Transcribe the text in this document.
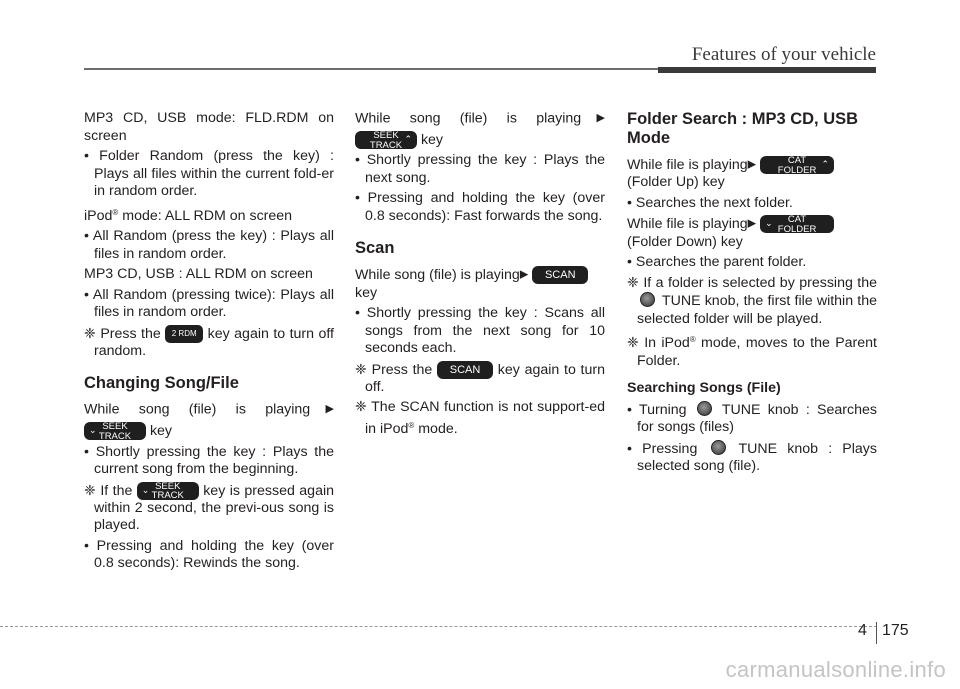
Features of your vehicle

MP3 CD, USB mode: FLD.RDM on screen

• Folder Random (press the key) : Plays all files within the current fold-er in random order.

iPod® mode: ALL RDM on screen

• All Random (press the key) : Plays all files in random order.

MP3 CD, USB : ALL RDM on screen

• All Random (pressing twice): Plays all files in random order.

❈ Press the 2 RDM key again to turn off random.

Changing Song/File

While song (file) is playing▶

⌄ SEEK
TRACK	key

• Shortly pressing the key : Plays the current song from the beginning.

❈ If the ⌄ SEEK
TRACK	key is pressed again within 2 second, the previ-ous song is played.

• Pressing and holding the key (over 0.8 seconds): Rewinds the song.

While song (file) is playing▶

⌃
SEEK
TRACK	key

• Shortly pressing the key : Plays the next song.

• Pressing and holding the key (over 0.8 seconds): Fast forwards the song.

Scan

While song (file) is playing▶ SCAN
key

• Shortly pressing the key : Scans all songs from the next song for 10 seconds each.

❈ Press the SCAN key again to turn off.

❈ The SCAN function is not support-ed in iPod® mode.

Folder Search : MP3 CD, USB Mode

While file is playing▶	⌃
CAT
FOLDER

(Folder Up) key

• Searches the next folder.

While file is playing▶ ⌄	CAT
FOLDER

(Folder Down) key

• Searches the parent folder.

❈ If a folder is selected by pressing the  TUNE knob, the first file within the selected folder will be played.

❈ In iPod® mode, moves to the Parent Folder.

Searching Songs (File)

• Turning  TUNE knob : Searches for songs (files)

• Pressing  TUNE knob : Plays selected song (file).

4 175
carmanualsonline.info
